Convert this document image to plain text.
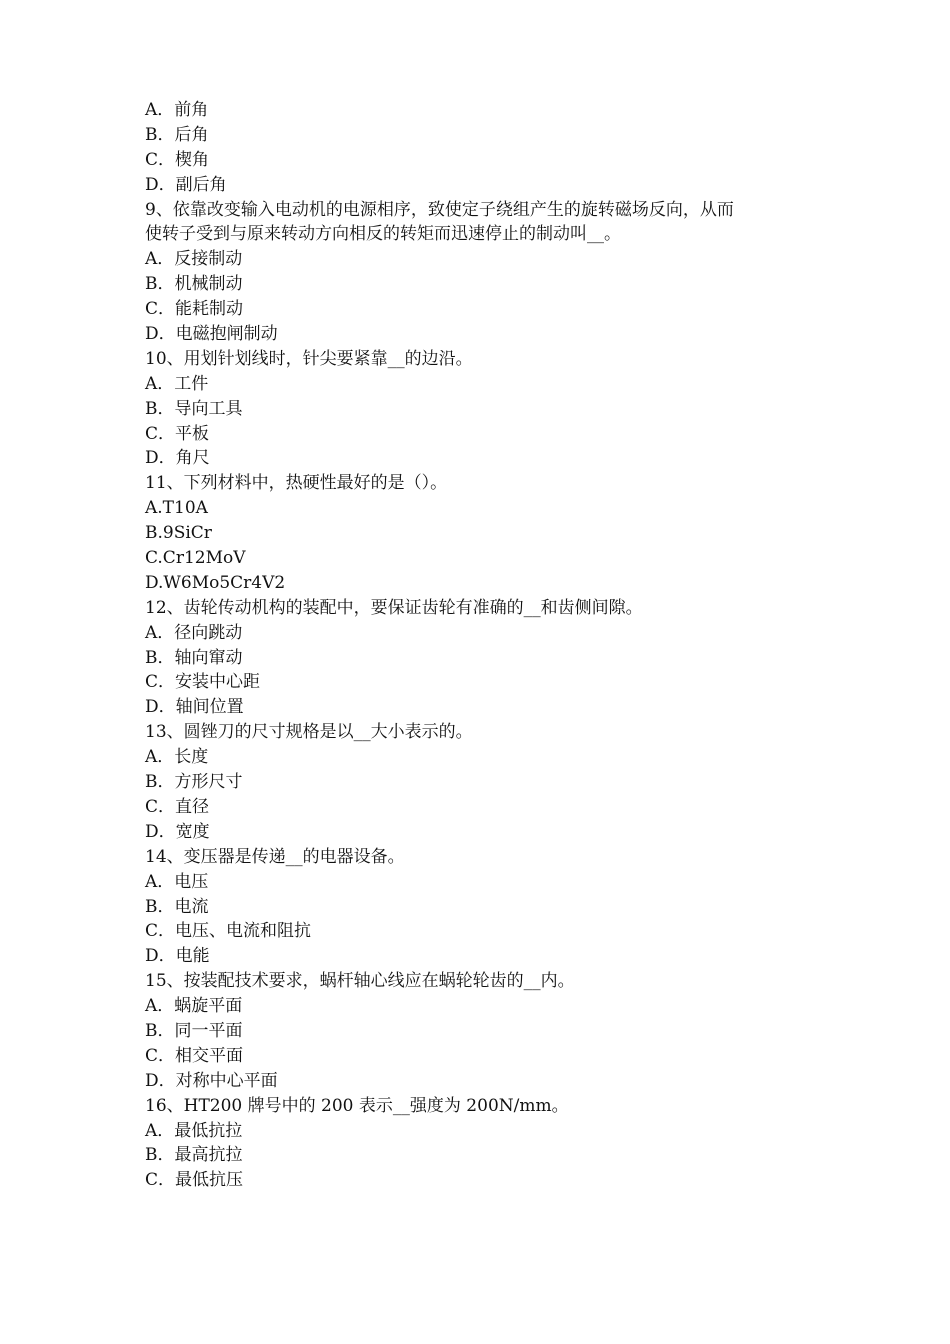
A．前角
B．后角
C．楔角
D．副后角
9、依靠改变输入电动机的电源相序，致使定子绕组产生的旋转磁场反向，从而
使转子受到与原来转动方向相反的转矩而迅速停止的制动叫__。
A．反接制动
B．机械制动
C．能耗制动
D．电磁抱闸制动
10、用划针划线时，针尖要紧靠__的边沿。
A．工件
B．导向工具
C．平板
D．角尺
11、下列材料中，热硬性最好的是（）。
A.T10A
B.9SiCr
C.Cr12MoV
D.W6Mo5Cr4V2
12、齿轮传动机构的装配中，要保证齿轮有准确的__和齿侧间隙。
A．径向跳动
B．轴向窜动
C．安装中心距
D．轴间位置
13、圆锉刀的尺寸规格是以__大小表示的。
A．长度
B．方形尺寸
C．直径
D．宽度
14、变压器是传递__的电器设备。
A．电压
B．电流
C．电压、电流和阻抗
D．电能
15、按装配技术要求，蜗杆轴心线应在蜗轮轮齿的__内。
A．蜗旋平面
B．同一平面
C．相交平面
D．对称中心平面
16、HT200 牌号中的 200 表示__强度为 200N/mm。
A．最低抗拉
B．最高抗拉
C．最低抗压
